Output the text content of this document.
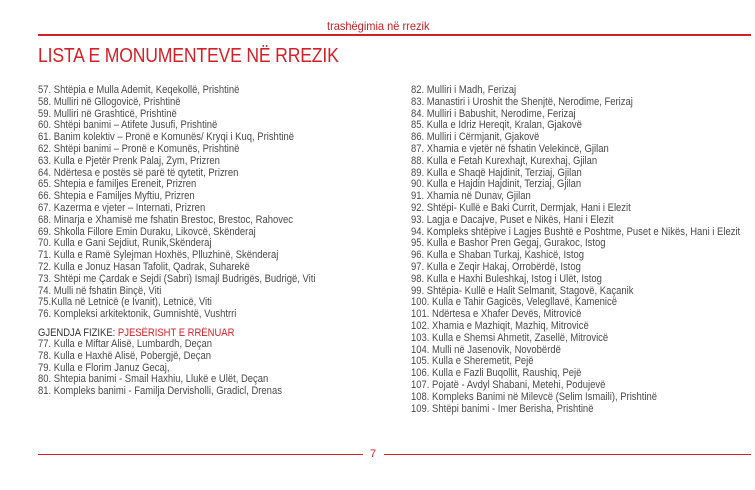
trashëgimia në rrezik
LISTA E MONUMENTEVE NË RREZIK
57. Shtëpia e Mulla Ademit, Keqekollë, Prishtinë
58. Mulliri në Gllogovicë, Prishtinë
59. Mulliri në Grashticë, Prishtinë
60. Shtëpi banimi – Atifete Jusufi, Prishtinë
61. Banim kolektiv – Pronë e Komunës/ Kryqi i Kuq, Prishtinë
62. Shtëpi banimi – Pronë e Komunës, Prishtinë
63. Kulla e Pjetër Prenk Palaj, Zym, Prizren
64. Ndërtesa e postës së parë të qytetit, Prizren
65. Shtepia e familjes Ereneit, Prizren
66. Shtepia e Familjes Myftiu, Prizren
67. Kazerma e vjeter – Internati, Prizren
68. Minarja e Xhamisë me fshatin Brestoc, Brestoc, Rahovec
69. Shkolla Fillore Emin Duraku, Likovcë, Skënderaj
70. Kulla e Gani Sejdiut, Runik,Skënderaj
71. Kulla e Ramë Sylejman Hoxhës, Plluzhinë, Skënderaj
72. Kulla e Jonuz Hasan Tafolit, Qadrak, Suharekë
73. Shtëpi me Çardak e Sejdi (Sabri) Ismajl Budrigës, Budrigë, Viti
74. Mulli në fshatin Binçë, Viti
75.Kulla në Letnicë (e Ivanit), Letnicë, Viti
76. Kompleksi arkitektonik, Gumnishtë, Vushtrri
GJENDJA FIZIKE: PJESËRISHT E RRËNUAR
77. Kulla e Miftar Alisë, Lumbardh, Deçan
78. Kulla e Haxhë Alisë, Pobergjë, Deçan
79. Kulla e Florim Januz Gecaj,
80. Shtepia banimi - Smail Haxhiu, Llukë e Ulët, Deçan
81. Kompleks banimi - Familja Dervisholli, Gradicl, Drenas
82. Mulliri i Madh, Ferizaj
83. Manastiri i Uroshit the Shenjtë, Nerodime, Ferizaj
84. Mulliri i Babushit, Nerodime, Ferizaj
85. Kulla e Idriz Hereqit, Kralan, Gjakovë
86. Mulliri i Cërmjanit, Gjakovë
87. Xhamia e vjetër në fshatin Velekincë, Gjilan
88. Kulla e Fetah Kurexhajt, Kurexhaj, Gjilan
89. Kulla e Shaqë Hajdinit, Terziaj, Gjilan
90. Kulla e Hajdin Hajdinit, Terziaj, Gjilan
91. Xhamia në Dunav, Gjilan
92. Shtëpi- Kullë e Baki Currit, Dermjak, Hani i Elezit
93. Lagja e Dacajve, Puset e Nikës, Hani i Elezit
94. Kompleks shtëpive i Lagjes Bushtë e Poshtme, Puset e Nikës, Hani i Elezit
95. Kulla e Bashor Pren Gegaj, Gurakoc, Istog
96. Kulla e Shaban Turkaj, Kashicë, Istog
97. Kulla e Zeqir Hakaj, Orrobërdë, Istog
98. Kulla e Haxhi Buleshkaj, Istog i Ulët, Istog
99. Shtëpia- Kullë e Halit Selmanit, Stagovë, Kaçanik
100. Kulla e Tahir Gagicës, Velegllavë, Kamenicë
101. Ndërtesa e Xhafer Devës, Mitrovicë
102. Xhamia e Mazhiqit, Mazhiq, Mitrovicë
103. Kulla e Shemsi Ahmetit, Zasellë, Mitrovicë
104. Mulli në Jasenovik, Novobërdë
105. Kulla e Sheremetit, Pejë
106. Kulla e Fazli Buqollit, Raushiq, Pejë
107. Pojatë - Avdyl Shabani, Metehi, Podujevë
108. Kompleks Banimi në Milevcë (Selim Ismaili), Prishtinë
109. Shtëpi banimi - Imer Berisha, Prishtinë
7
